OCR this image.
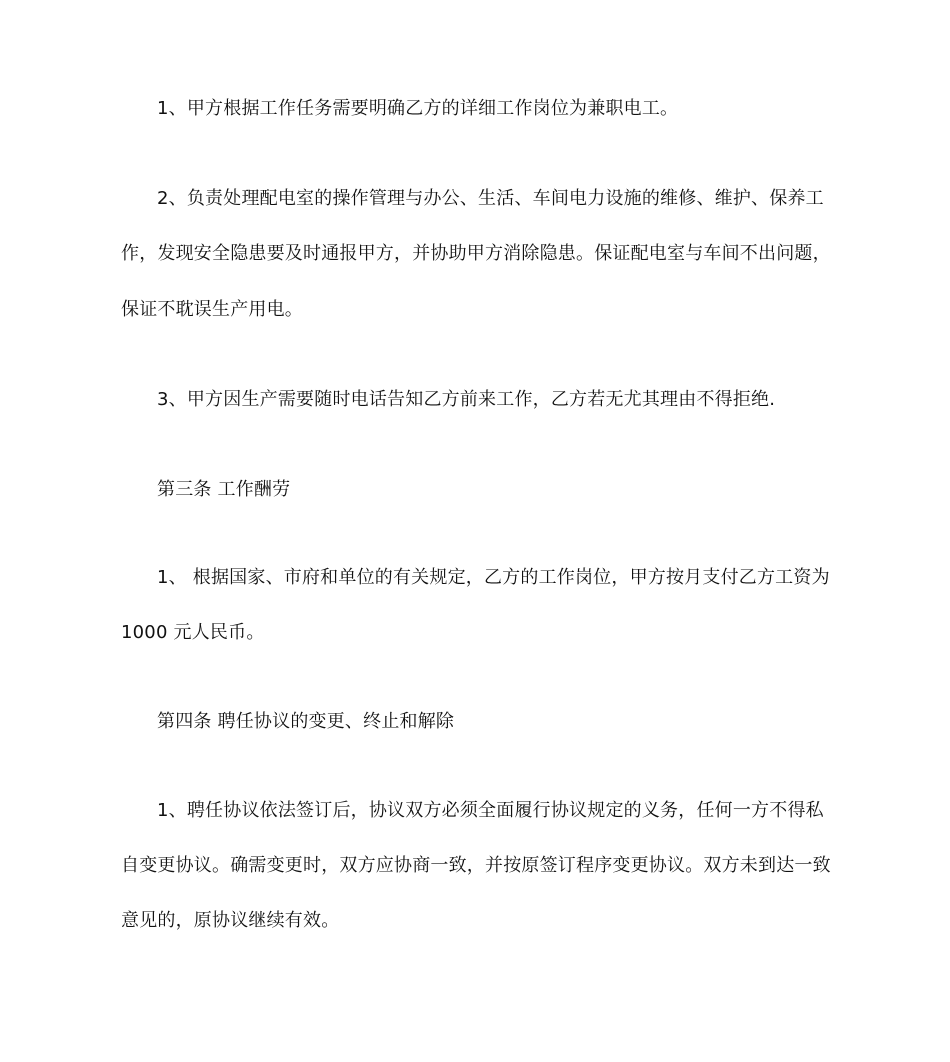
1、甲方根据工作任务需要明确乙方的详细工作岗位为兼职电工。
2、负责处理配电室的操作管理与办公、生活、车间电力设施的维修、维护、保养工
作，发现安全隐患要及时通报甲方，并协助甲方消除隐患。保证配电室与车间不出问题，
保证不耽误生产用电。
3、甲方因生产需要随时电话告知乙方前来工作，乙方若无尤其理由不得拒绝.
第三条 工作酬劳
1、 根据国家、市府和单位的有关规定，乙方的工作岗位，甲方按月支付乙方工资为
1000 元人民币。
第四条 聘任协议的变更、终止和解除
1、聘任协议依法签订后，协议双方必须全面履行协议规定的义务，任何一方不得私
自变更协议。确需变更时，双方应协商一致，并按原签订程序变更协议。双方未到达一致
意见的，原协议继续有效。
